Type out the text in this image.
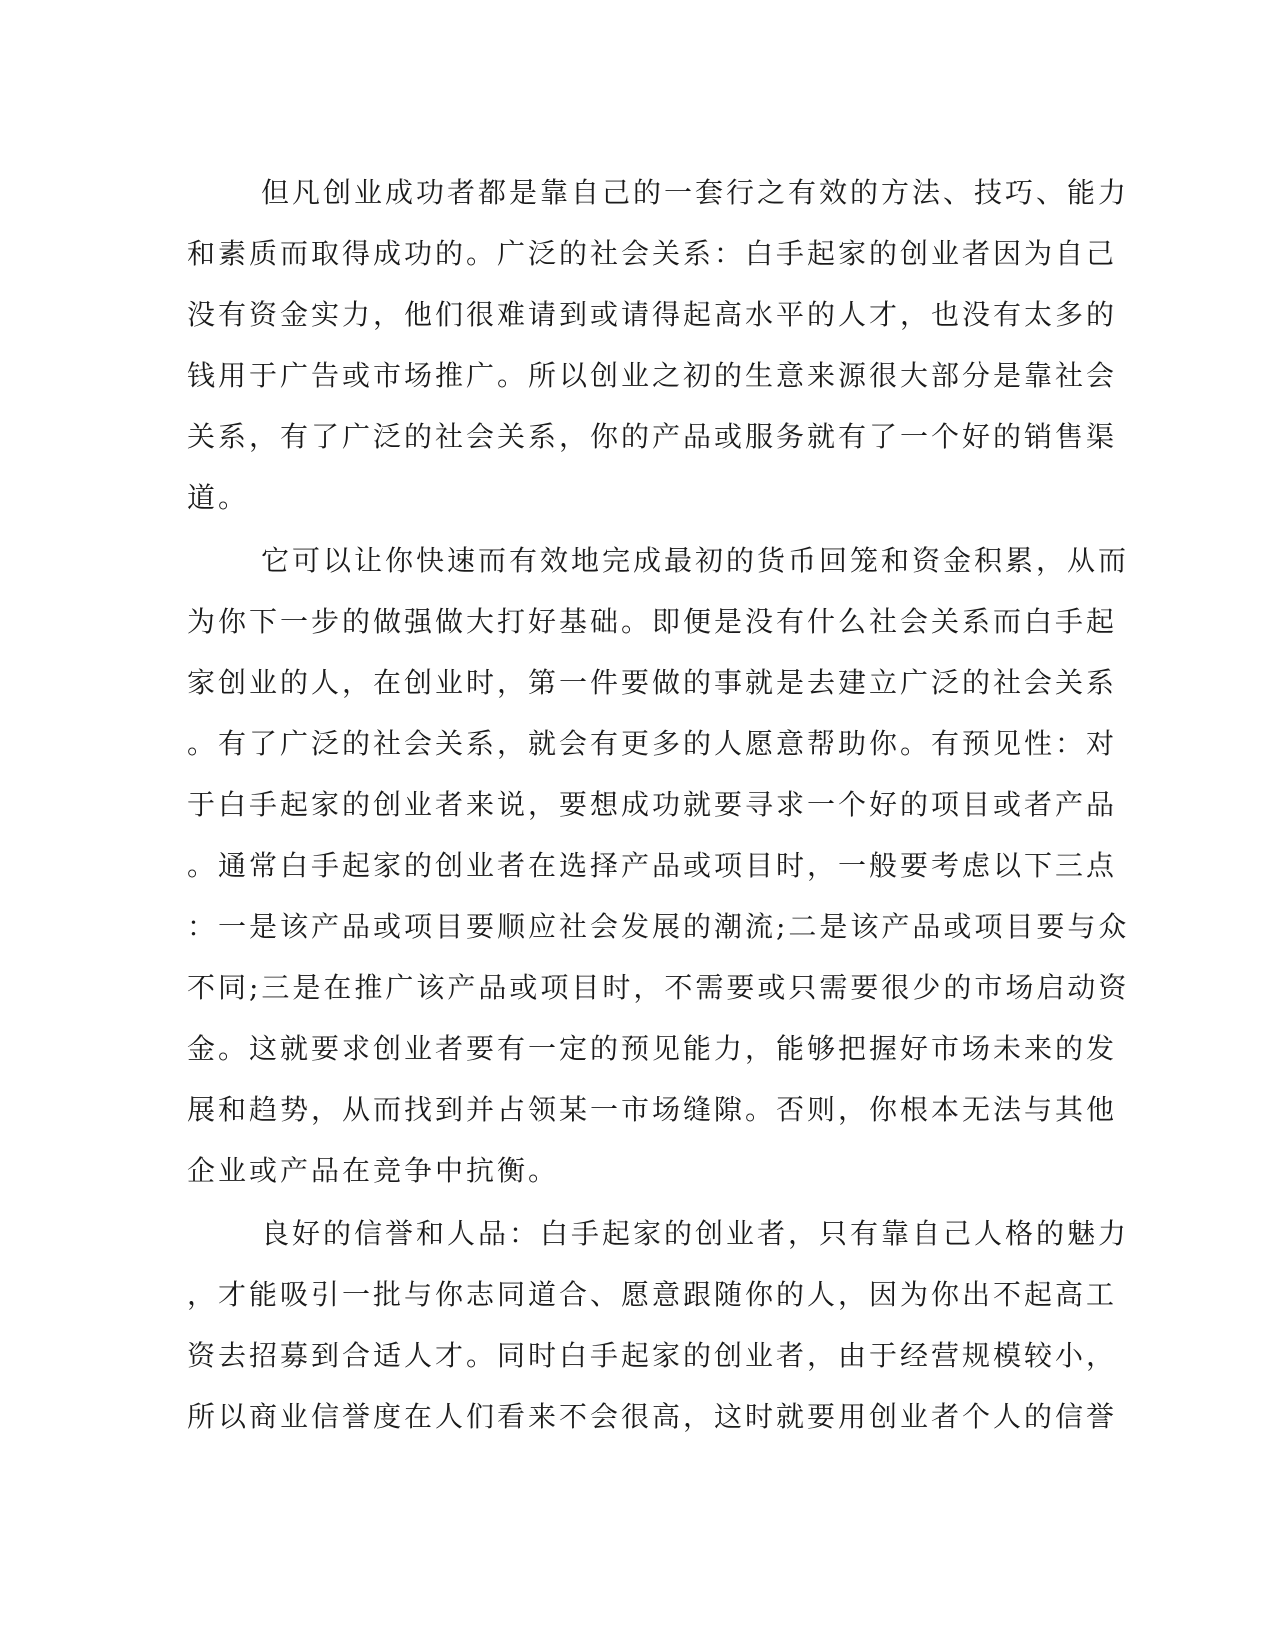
但凡创业成功者都是靠自己的一套行之有效的方法、技巧、能力
和素质而取得成功的。广泛的社会关系：白手起家的创业者因为自己
没有资金实力，他们很难请到或请得起高水平的人才，也没有太多的
钱用于广告或市场推广。所以创业之初的生意来源很大部分是靠社会
关系，有了广泛的社会关系，你的产品或服务就有了一个好的销售渠
道。
它可以让你快速而有效地完成最初的货币回笼和资金积累，从而
为你下一步的做强做大打好基础。即便是没有什么社会关系而白手起
家创业的人，在创业时，第一件要做的事就是去建立广泛的社会关系
。有了广泛的社会关系，就会有更多的人愿意帮助你。有预见性：对
于白手起家的创业者来说，要想成功就要寻求一个好的项目或者产品
。通常白手起家的创业者在选择产品或项目时，一般要考虑以下三点
：一是该产品或项目要顺应社会发展的潮流;二是该产品或项目要与众
不同;三是在推广该产品或项目时，不需要或只需要很少的市场启动资
金。这就要求创业者要有一定的预见能力，能够把握好市场未来的发
展和趋势，从而找到并占领某一市场缝隙。否则，你根本无法与其他
企业或产品在竞争中抗衡。
良好的信誉和人品：白手起家的创业者，只有靠自己人格的魅力
，才能吸引一批与你志同道合、愿意跟随你的人，因为你出不起高工
资去招募到合适人才。同时白手起家的创业者，由于经营规模较小，
所以商业信誉度在人们看来不会很高，这时就要用创业者个人的信誉
